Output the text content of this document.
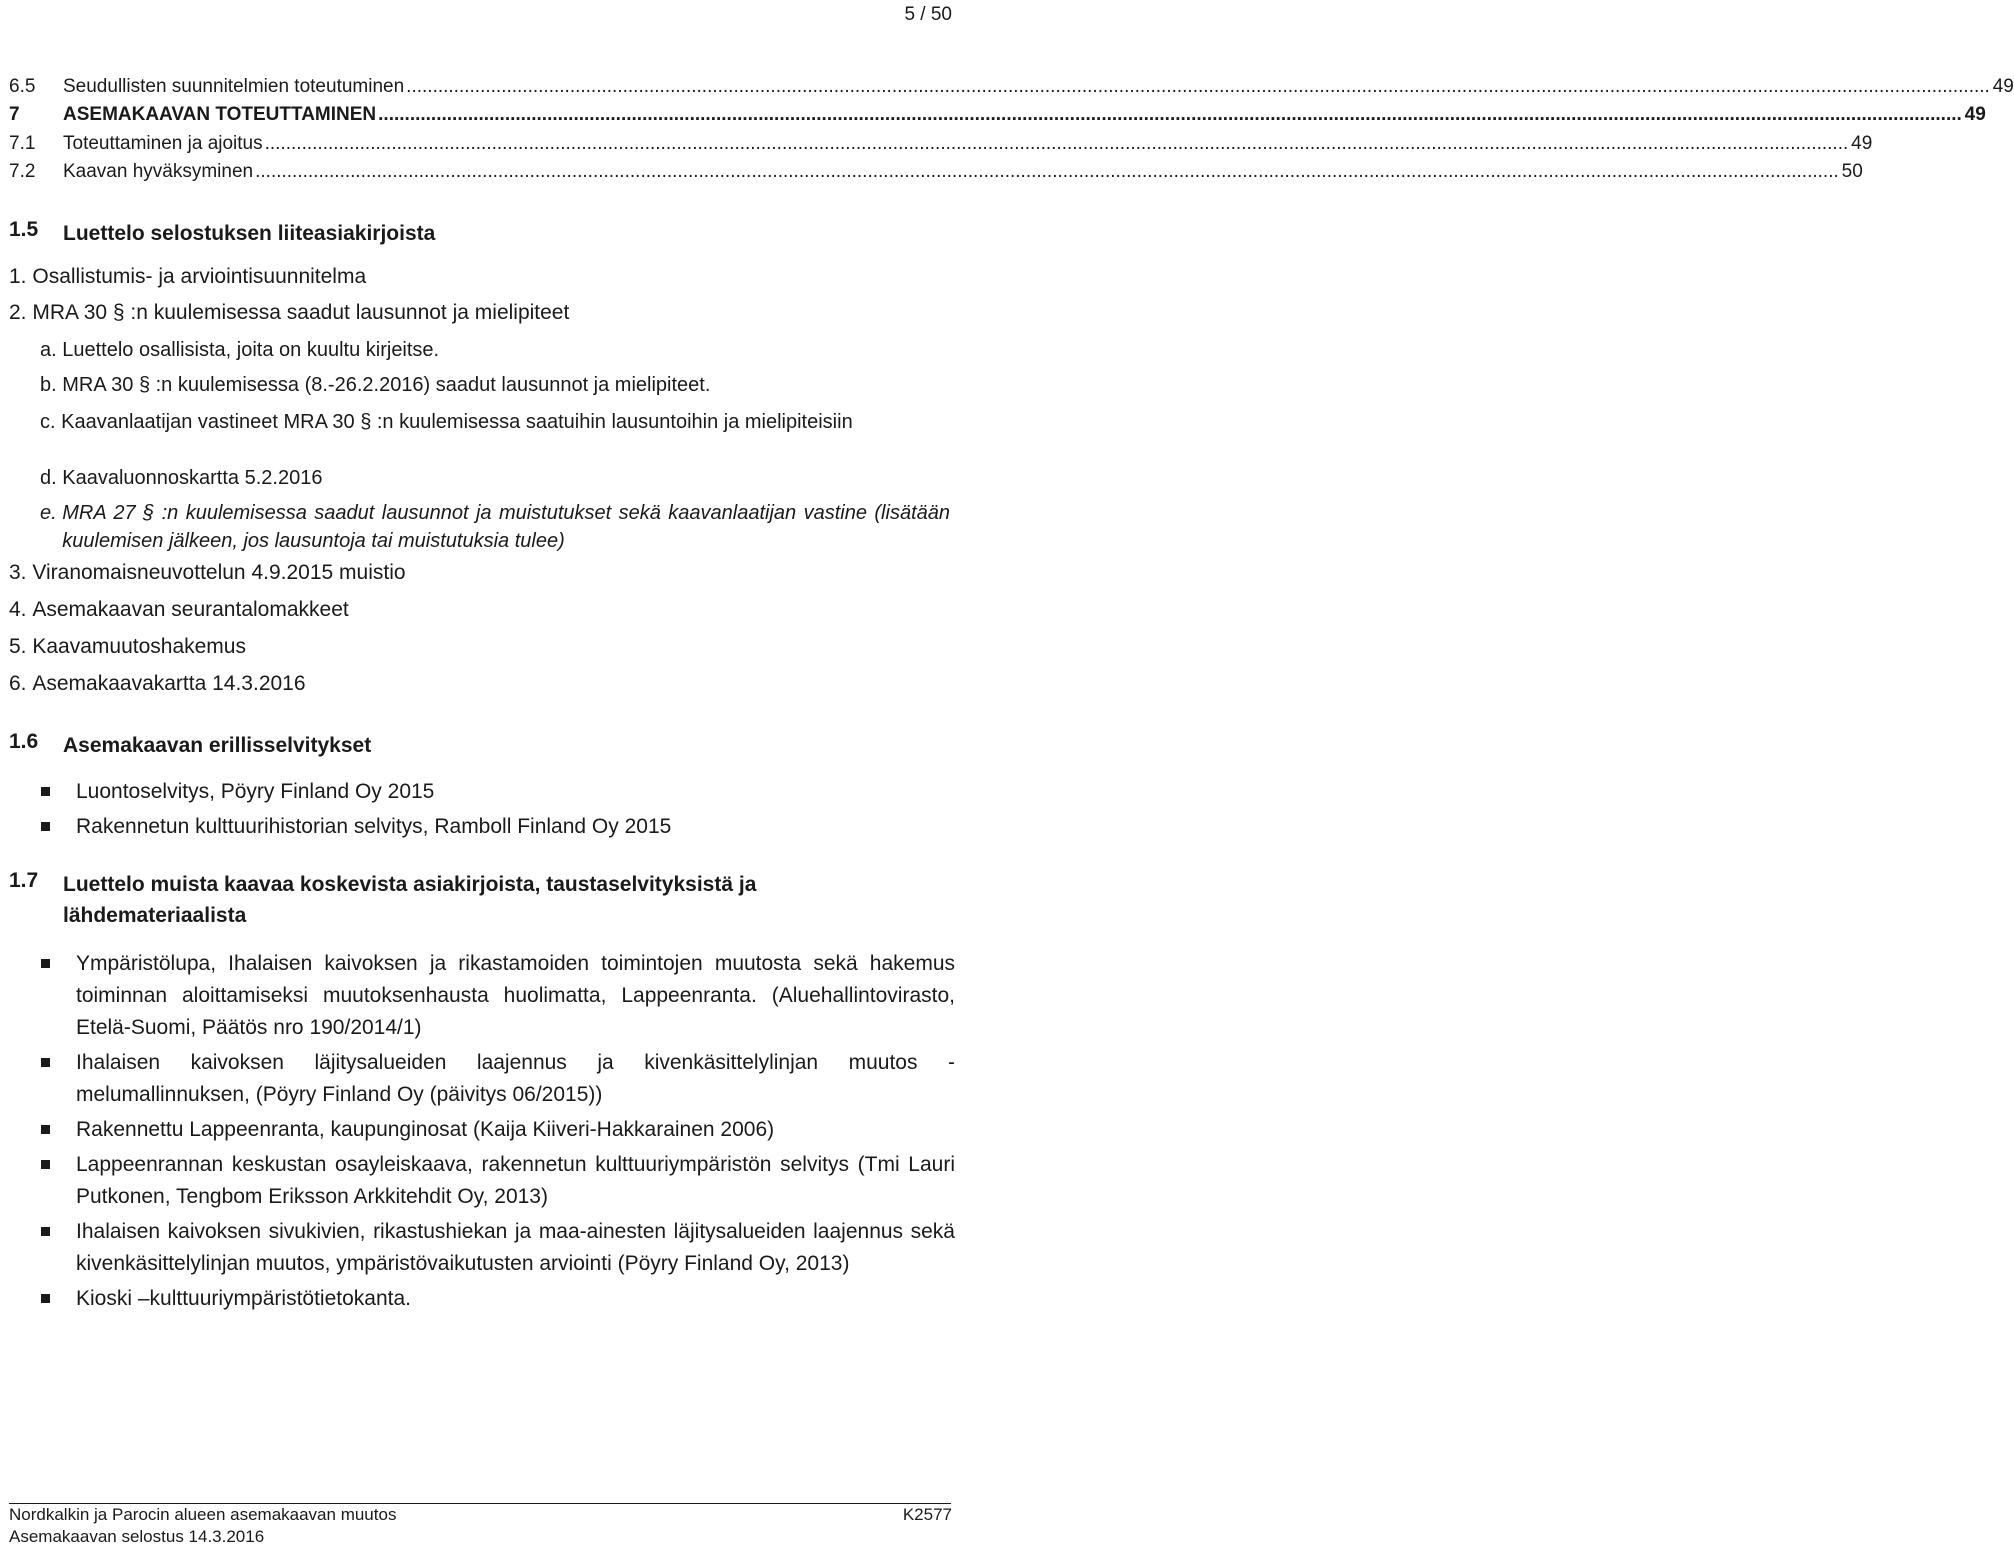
5 / 50
6.5	Seudullisten suunnitelmien toteutuminen ............................................................................................................................................................................................................................................................................................................ 49
7	ASEMAKAAVAN TOTEUTTAMINEN ............................................................................................................................................................................................................................................................................................................ 49
7.1	Toteuttaminen ja ajoitus ............................................................................................................................................................................................................................................................................................................ 49
7.2	Kaavan hyväksyminen ............................................................................................................................................................................................................................................................................................................ 50
1.5	Luettelo selostuksen liiteasiakirjoista
1. Osallistumis- ja arviointisuunnitelma
2. MRA 30 § :n kuulemisessa saadut lausunnot ja mielipiteet
a. Luettelo osallisista, joita on kuultu kirjeitse.
b. MRA 30 § :n kuulemisessa (8.-26.2.2016) saadut lausunnot ja mielipiteet.
c. Kaavanlaatijan vastineet MRA 30 § :n kuulemisessa saatuihin lausuntoihin ja mielipiteisiin
d. Kaavaluonnoskartta 5.2.2016
e. MRA 27 § :n kuulemisessa saadut lausunnot ja muistutukset sekä kaavanlaatijan vastine (lisätään kuulemisen jälkeen, jos lausuntoja tai muistutuksia tulee)
3. Viranomaisneuvottelun 4.9.2015 muistio
4. Asemakaavan seurantalomakkeet
5. Kaavamuutoshakemus
6. Asemakaavakartta 14.3.2016
1.6	Asemakaavan erillisselvitykset
Luontoselvitys, Pöyry Finland Oy 2015
Rakennetun kulttuurihistorian selvitys, Ramboll Finland Oy 2015
1.7	Luettelo muista kaavaa koskevista asiakirjoista, taustaselvityksistä ja lähdemateriaalista
Ympäristölupa, Ihalaisen kaivoksen ja rikastamoiden toimintojen muutosta sekä hakemus toiminnan aloittamiseksi muutoksenhausta huolimatta, Lappeenranta. (Aluehallintovirasto, Etelä-Suomi, Päätös nro 190/2014/1)
Ihalaisen kaivoksen läjitysalueiden laajennus ja kivenkäsittelylinjan muutos - melumallinnuksen, (Pöyry Finland Oy (päivitys 06/2015))
Rakennettu Lappeenranta, kaupunginosat (Kaija Kiiveri-Hakkarainen 2006)
Lappeenrannan keskustan osayleiskaava, rakennetun kulttuuriympäristön selvitys (Tmi Lauri Putkonen, Tengbom Eriksson Arkkitehdit Oy, 2013)
Ihalaisen kaivoksen sivukivien, rikastushiekan ja maa-ainesten läjitysalueiden laajennus sekä kivenkäsittelylinjan muutos, ympäristövaikutusten arviointi (Pöyry Finland Oy, 2013)
Kioski –kulttuuriympäristötietokanta.
Nordkalkin ja Parocin alueen asemakaavan muutos	K2577
Asemakaavan selostus 14.3.2016
